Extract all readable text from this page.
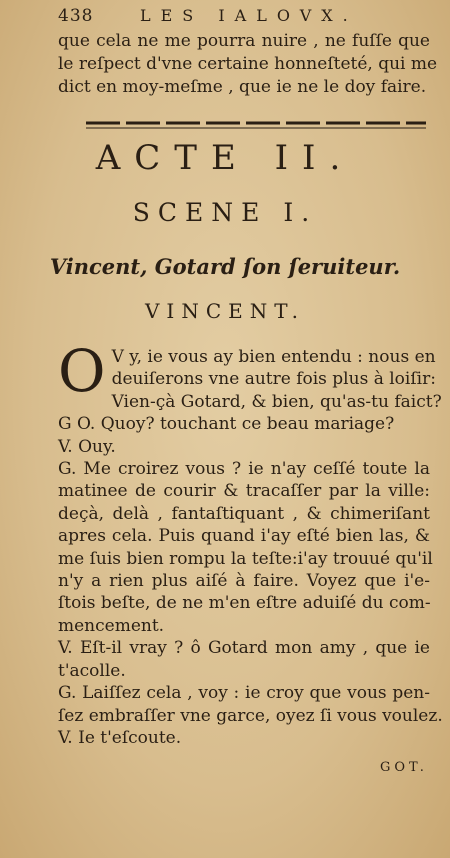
438	LES IALOVX.
que cela ne me pourra nuire , ne fuſſe que
le reſpect d'vne certaine honneſteté, qui me
dict en moy-meſme , que ie ne le doy faire.
ACTE II.
SCENE I.
Vincent, Gotard ſon ſeruiteur.
VINCENT.
O V y, ie vous ay bien entendu : nous en
deuiſerons vne autre fois plus à loiſir:
Vien-çà Gotard, & bien, qu'as-tu faict?
G O. Quoy? touchant ce beau mariage?
V. Ouy.
G. Me croirez vous ? ie n'ay ceſſé toute la
matinee de courir & tracaſſer par la ville:
deçà, delà , fantaſtiquant , & chimeriſant
apres cela. Puis quand i'ay eſté bien las, &
me ſuis bien rompu la teſte:i'ay trouué qu'il
n'y a rien plus aiſé à faire. Voyez que i'e-
ſtois beſte, de ne m'en eſtre aduiſé du com-
mencement.
V. Eſt-il vray ? ô Gotard mon amy , que ie
t'acolle.
G. Laiſſez cela , voy : ie croy que vous pen-
ſez embraſſer vne garce, oyez ſi vous voulez.
V. Ie t'eſcoute.
GOT.
